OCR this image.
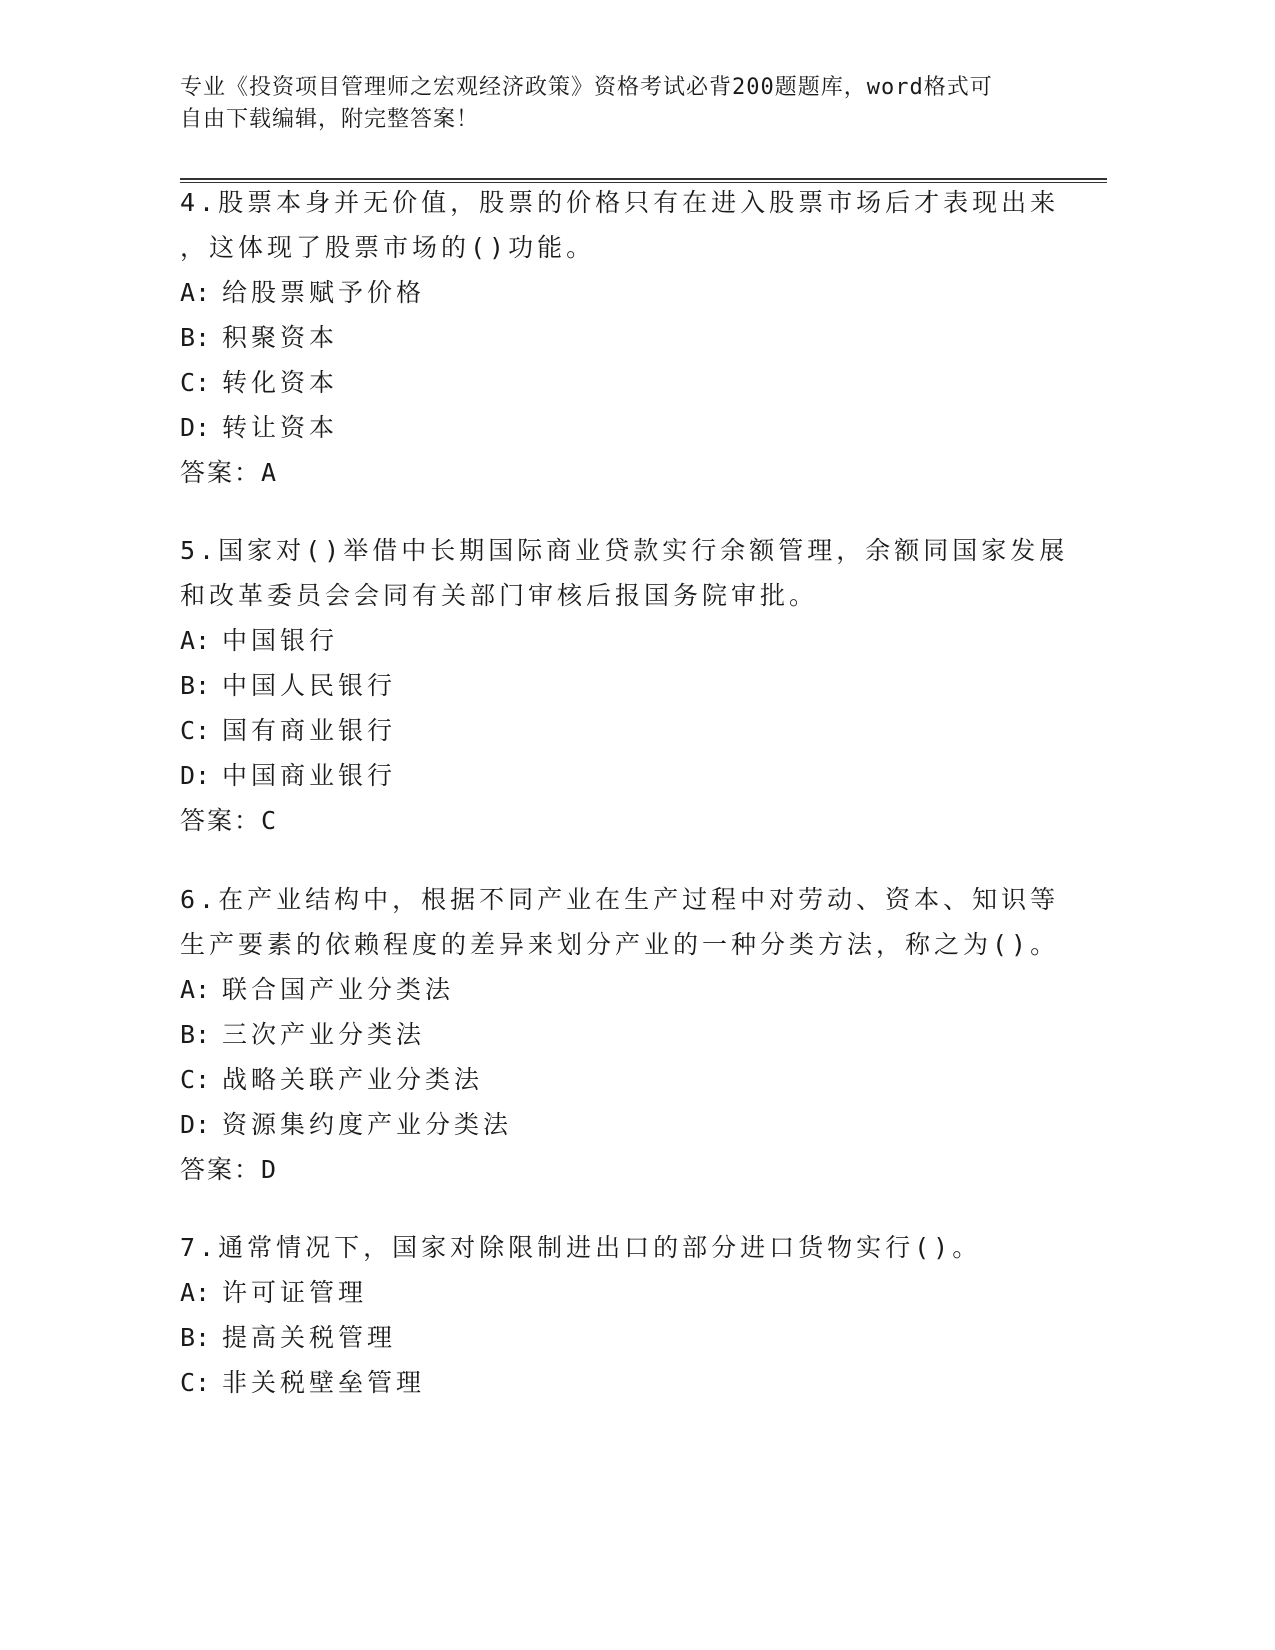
专业《投资项目管理师之宏观经济政策》资格考试必背200题题库，word格式可
自由下载编辑，附完整答案！

4.股票本身并无价值，股票的价格只有在进入股票市场后才表现出来
，这体现了股票市场的()功能。

A: 给股票赋予价格

B: 积聚资本

C: 转化资本

D: 转让资本

答案：A

5.国家对()举借中长期国际商业贷款实行余额管理，余额同国家发展
和改革委员会会同有关部门审核后报国务院审批。

A: 中国银行

B: 中国人民银行

C: 国有商业银行

D: 中国商业银行

答案：C

6.在产业结构中，根据不同产业在生产过程中对劳动、资本、知识等
生产要素的依赖程度的差异来划分产业的一种分类方法，称之为()。

A: 联合国产业分类法

B: 三次产业分类法

C: 战略关联产业分类法

D: 资源集约度产业分类法

答案：D

7.通常情况下，国家对除限制进出口的部分进口货物实行()。

A: 许可证管理

B: 提高关税管理

C: 非关税壁垒管理
